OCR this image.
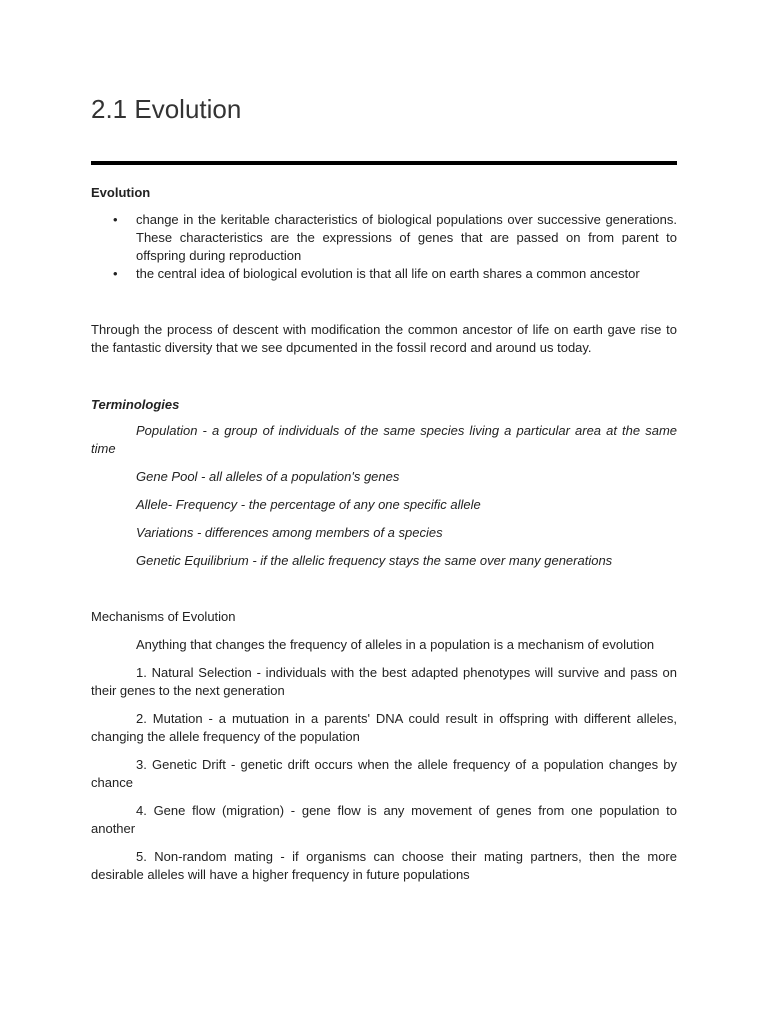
2.1 Evolution
Evolution
• change in the keritable characteristics of biological populations over successive generations. These characteristics are the expressions of genes that are passed on from parent to offspring during reproduction
• the central idea of biological evolution is that all life on earth shares a common ancestor

Through the process of descent with modification the common ancestor of life on earth gave rise to the fantastic diversity that we see dpcumented in the fossil record and around us today.

Terminologies

Population - a group of individuals of the same species living a particular area at the same time

Gene Pool - all alleles of a population's genes

Allele- Frequency - the percentage of any one specific allele

Variations - differences among members of a species

Genetic Equilibrium - if the allelic frequency stays the same over many generations

Mechanisms of Evolution

Anything that changes the frequency of alleles in a population is a mechanism of evolution

1. Natural Selection - individuals with the best adapted phenotypes will survive and pass on their genes to the next generation

2. Mutation - a mutuation in a parents' DNA could result in offspring with different alleles, changing the allele frequency of the population

3. Genetic Drift - genetic drift occurs when the allele frequency of a population changes by chance

4. Gene flow (migration) - gene flow is any movement of genes from one population to another

5. Non-random mating - if organisms can choose their mating partners, then the more desirable alleles will have a higher frequency in future populations
